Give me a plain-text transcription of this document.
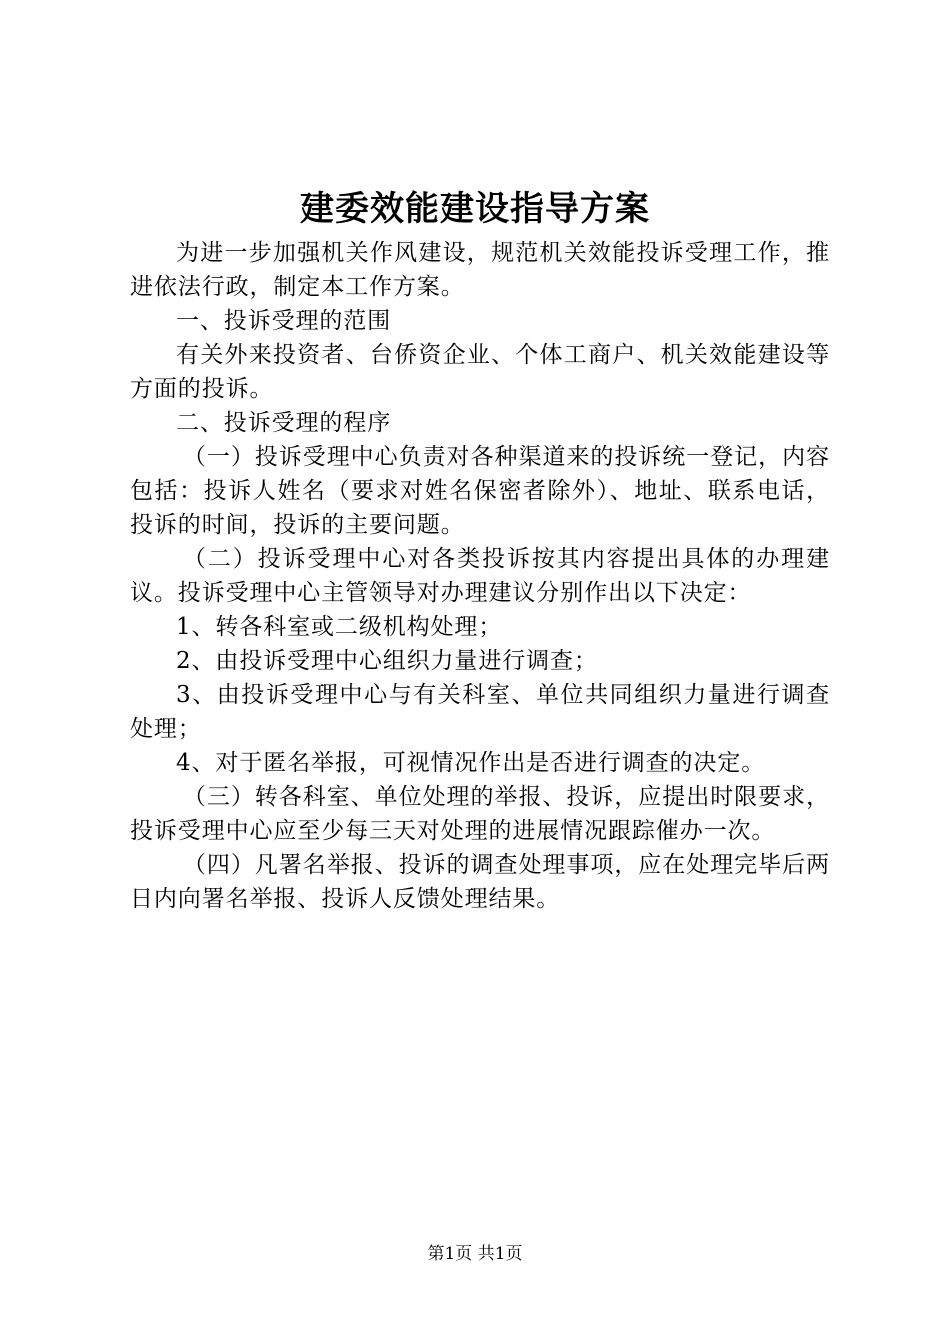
建委效能建设指导方案

为进一步加强机关作风建设，规范机关效能投诉受理工作，推进依法行政，制定本工作方案。

一、投诉受理的范围

有关外来投资者、台侨资企业、个体工商户、机关效能建设等方面的投诉。

二、投诉受理的程序

（一）投诉受理中心负责对各种渠道来的投诉统一登记，内容包括：投诉人姓名（要求对姓名保密者除外）、地址、联系电话，投诉的时间，投诉的主要问题。

（二）投诉受理中心对各类投诉按其内容提出具体的办理建议。投诉受理中心主管领导对办理建议分别作出以下决定：

1、转各科室或二级机构处理；

2、由投诉受理中心组织力量进行调查；

3、由投诉受理中心与有关科室、单位共同组织力量进行调查处理；

4、对于匿名举报，可视情况作出是否进行调查的决定。

（三）转各科室、单位处理的举报、投诉，应提出时限要求，投诉受理中心应至少每三天对处理的进展情况跟踪催办一次。

（四）凡署名举报、投诉的调查处理事项，应在处理完毕后两日内向署名举报、投诉人反馈处理结果。

第1页 共1页
